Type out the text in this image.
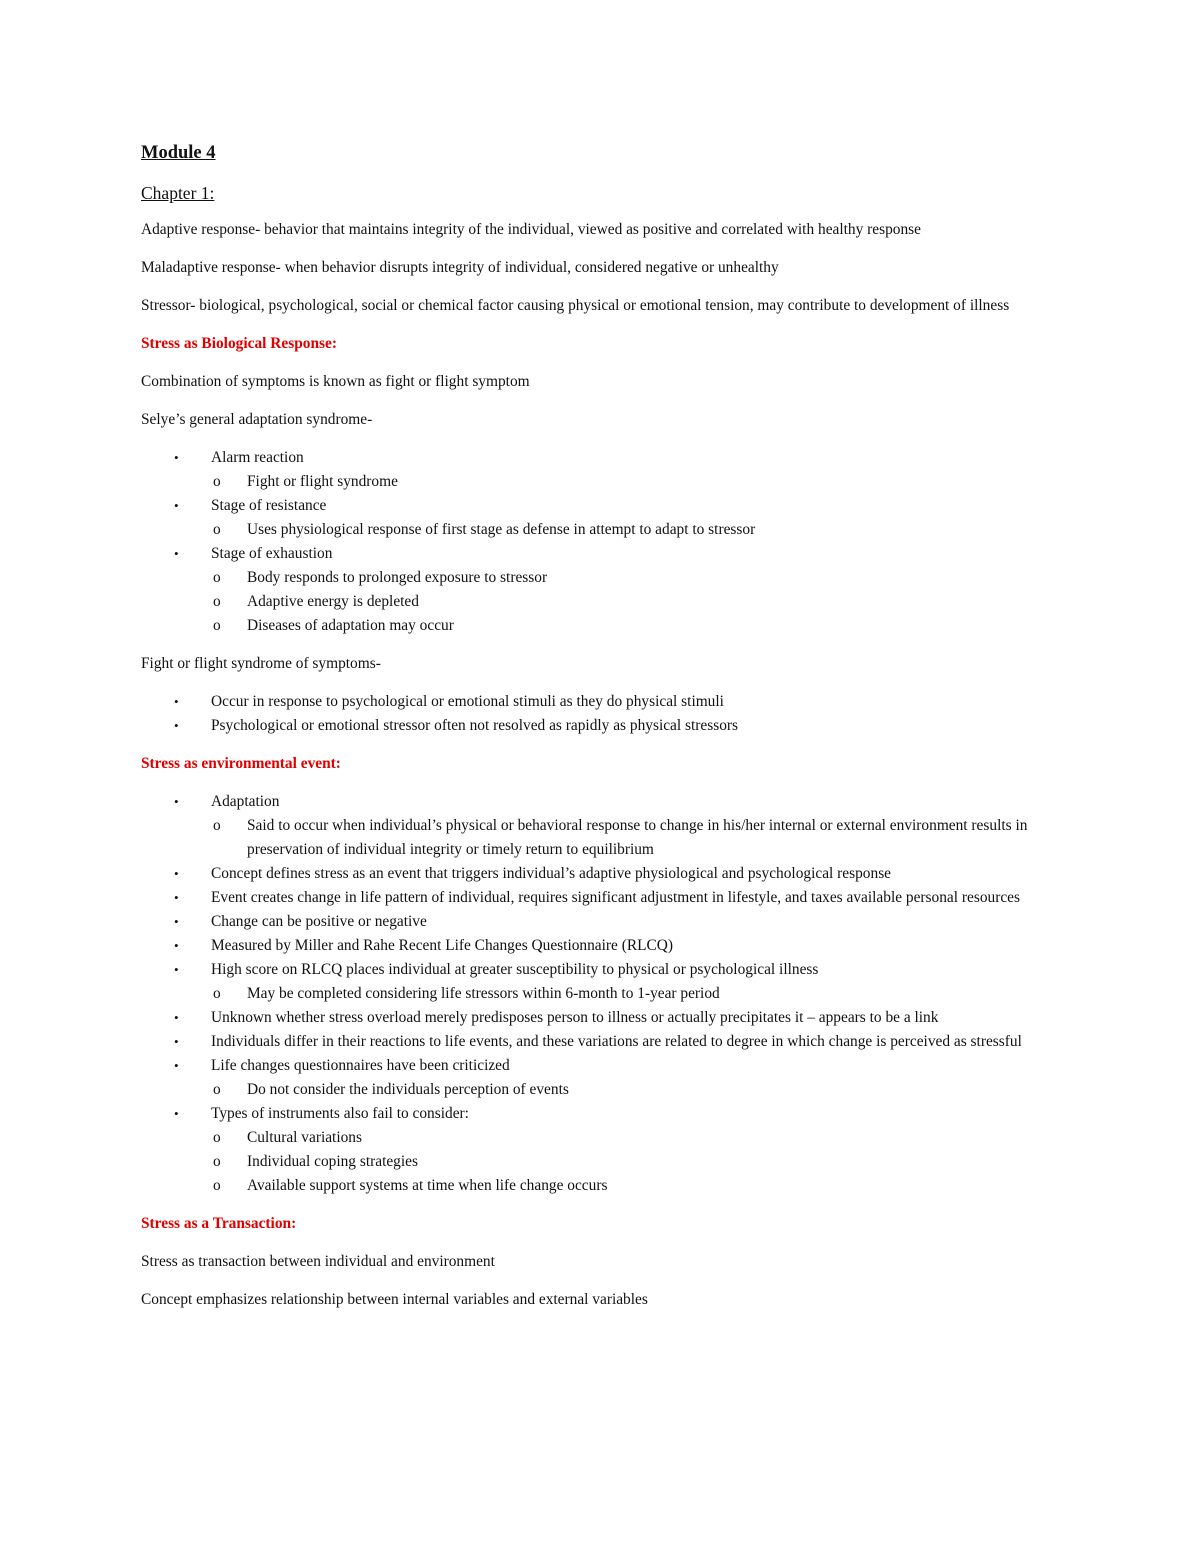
Module 4
Chapter 1:

Adaptive response- behavior that maintains integrity of the individual, viewed as positive and correlated with healthy response

Maladaptive response- when behavior disrupts integrity of individual, considered negative or unhealthy

Stressor- biological, psychological, social or chemical factor causing physical or emotional tension, may contribute to development of illness

Stress as Biological Response:

Combination of symptoms is known as fight or flight symptom

Selye’s general adaptation syndrome-

• Alarm reaction
o Fight or flight syndrome
• Stage of resistance
o Uses physiological response of first stage as defense in attempt to adapt to stressor
• Stage of exhaustion
o Body responds to prolonged exposure to stressor
o Adaptive energy is depleted
o Diseases of adaptation may occur

Fight or flight syndrome of symptoms-

• Occur in response to psychological or emotional stimuli as they do physical stimuli
• Psychological or emotional stressor often not resolved as rapidly as physical stressors
Stress as environmental event:
• Adaptation
o Said to occur when individual’s physical or behavioral response to change in his/her internal or external environment results in preservation of individual integrity or timely return to equilibrium
• Concept defines stress as an event that triggers individual’s adaptive physiological and psychological response
• Event creates change in life pattern of individual, requires significant adjustment in lifestyle, and taxes available personal resources
• Change can be positive or negative
• Measured by Miller and Rahe Recent Life Changes Questionnaire (RLCQ)
• High score on RLCQ places individual at greater susceptibility to physical or psychological illness
o May be completed considering life stressors within 6-month to 1-year period
• Unknown whether stress overload merely predisposes person to illness or actually precipitates it – appears to be a link
• Individuals differ in their reactions to life events, and these variations are related to degree in which change is perceived as stressful
• Life changes questionnaires have been criticized
o Do not consider the individuals perception of events
• Types of instruments also fail to consider:
o Cultural variations
o Individual coping strategies
o Available support systems at time when life change occurs
Stress as a Transaction:

Stress as transaction between individual and environment

Concept emphasizes relationship between internal variables and external variables
